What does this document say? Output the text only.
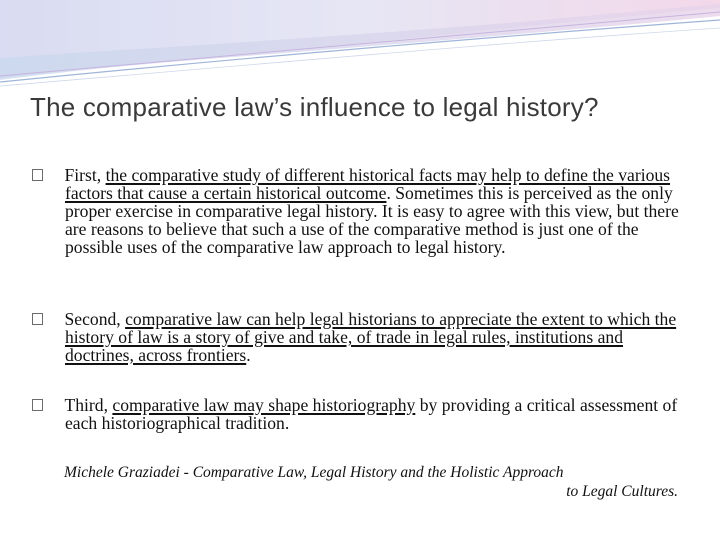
The comparative law’s influence to legal history?
First, the comparative study of different historical facts may help to define the various factors that cause a certain historical outcome. Sometimes this is perceived as the only proper exercise in comparative legal history. It is easy to agree with this view, but there are reasons to believe that such a use of the comparative method is just one of the possible uses of the comparative law approach to legal history.
Second, comparative law can help legal historians to appreciate the extent to which the history of law is a story of give and take, of trade in legal rules, institutions and doctrines, across frontiers.
Third, comparative law may shape historiography by providing a critical assessment of each historiographical tradition.
Michele Graziadei - Comparative Law, Legal History and the Holistic Approach
to Legal Cultures.
